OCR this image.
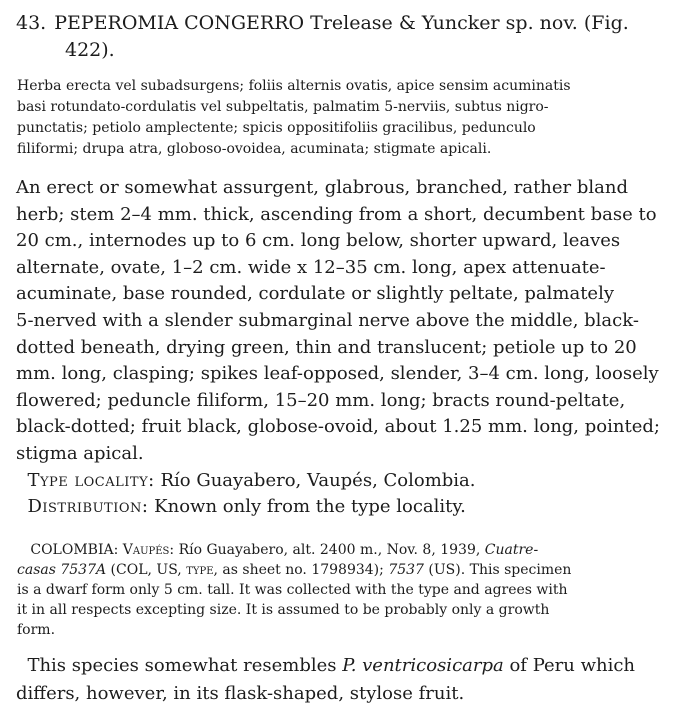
43. PEPEROMIA CONGERRO Trelease & Yuncker sp. nov. (Fig.
422).
Herba erecta vel subadsurgens; foliis alternis ovatis, apice sensim acuminatis
basi rotundato-cordulatis vel subpeltatis, palmatim 5-nerviis, subtus nigro-
punctatis; petiolo amplectente; spicis oppositifoliis gracilibus, pedunculo
filiformi; drupa atra, globoso-ovoidea, acuminata; stigmate apicali.
An erect or somewhat assurgent, glabrous, branched, rather bland
herb; stem 2–4 mm. thick, ascending from a short, decumbent base to
20 cm., internodes up to 6 cm. long below, shorter upward, leaves
alternate, ovate, 1–2 cm. wide x 12–35 cm. long, apex attenuate-
acuminate, base rounded, cordulate or slightly peltate, palmately
5-nerved with a slender submarginal nerve above the middle, black-
dotted beneath, drying green, thin and translucent; petiole up to 20
mm. long, clasping; spikes leaf-opposed, slender, 3–4 cm. long, loosely
flowered; peduncle filiform, 15–20 mm. long; bracts round-peltate,
black-dotted; fruit black, globose-ovoid, about 1.25 mm. long, pointed;
stigma apical.
Type locality: Río Guayabero, Vaupés, Colombia.
Distribution: Known only from the type locality.
COLOMBIA: Vaupés: Río Guayabero, alt. 2400 m., Nov. 8, 1939, Cuatre-
casas 7537A (COL, US, type, as sheet no. 1798934); 7537 (US). This specimen
is a dwarf form only 5 cm. tall. It was collected with the type and agrees with
it in all respects excepting size. It is assumed to be probably only a growth
form.
This species somewhat resembles P. ventricosicarpa of Peru which
differs, however, in its flask-shaped, stylose fruit.
